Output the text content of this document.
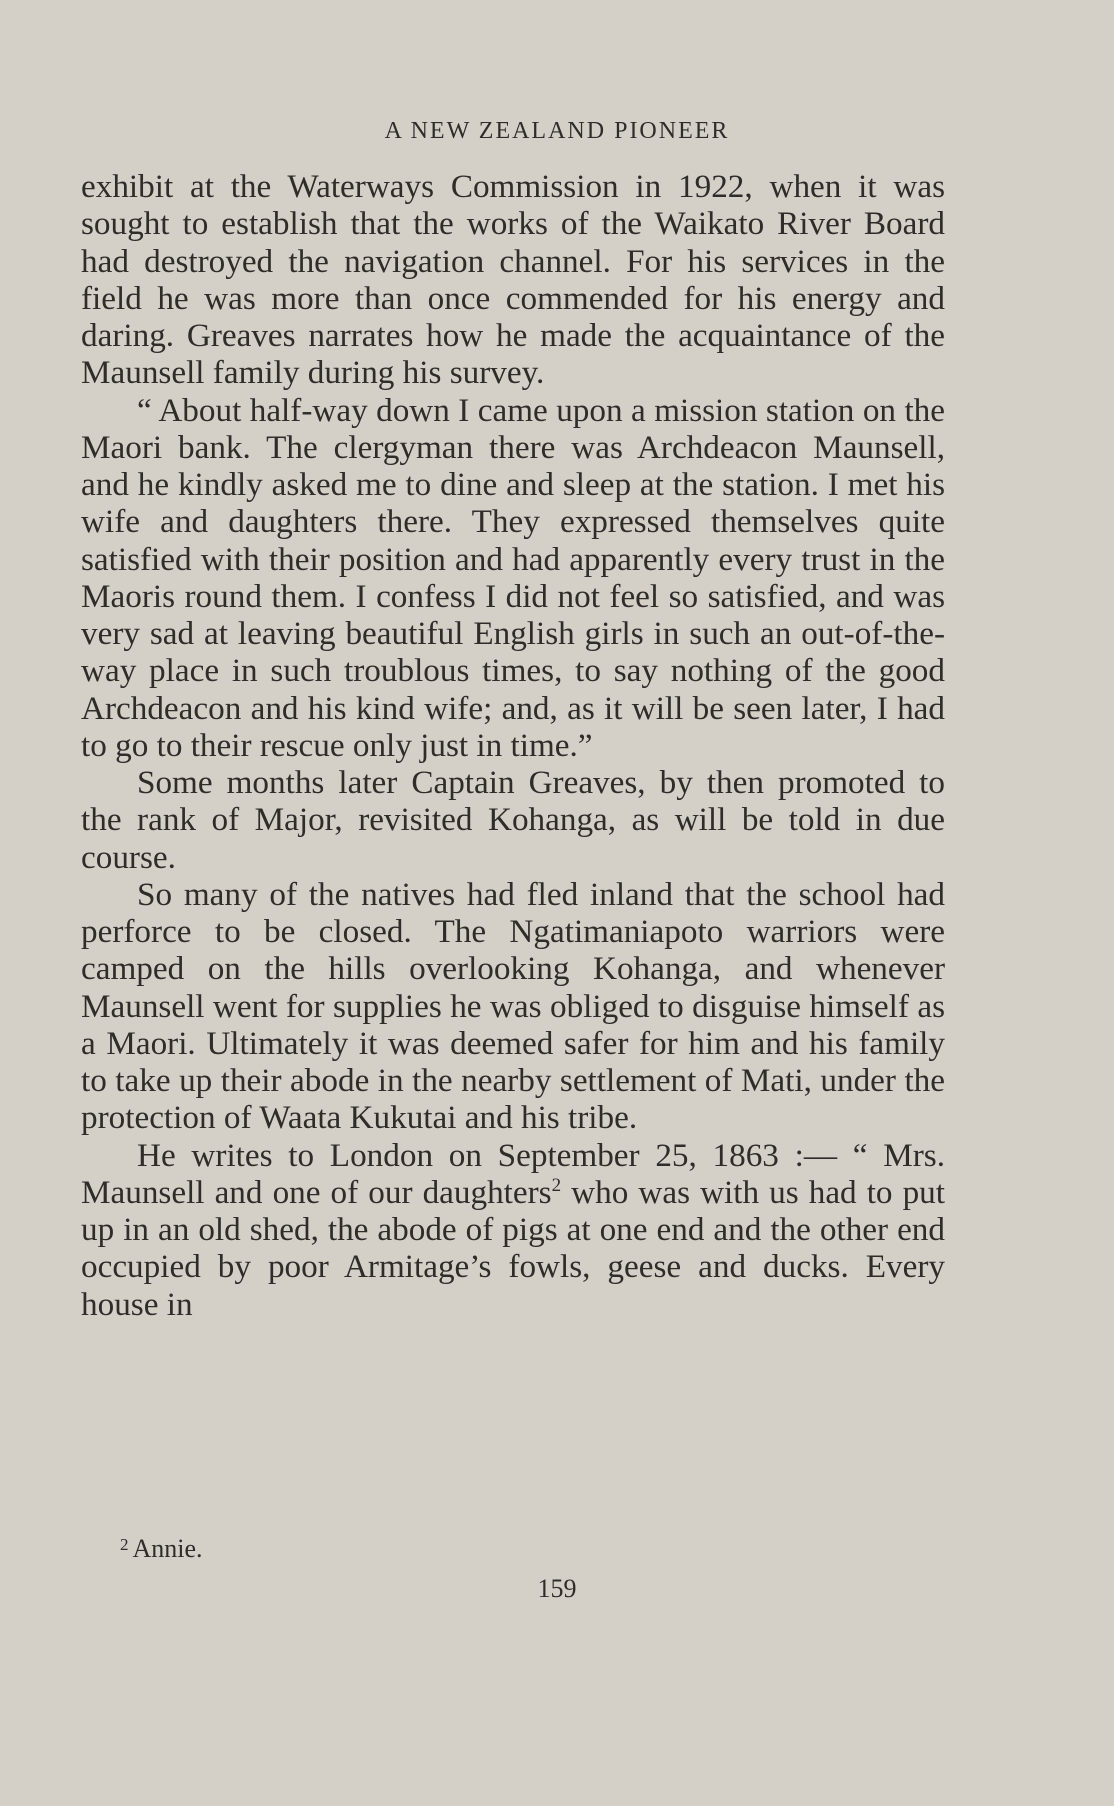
A NEW ZEALAND PIONEER

exhibit at the Waterways Commission in 1922, when it was sought to establish that the works of the Waikato River Board had destroyed the navigation channel. For his services in the field he was more than once commended for his energy and daring. Greaves narrates how he made the acquaintance of the Maunsell family during his survey.

“ About half-way down I came upon a mission station on the Maori bank. The clergyman there was Archdeacon Maunsell, and he kindly asked me to dine and sleep at the station. I met his wife and daughters there. They expressed themselves quite satisfied with their position and had apparently every trust in the Maoris round them. I confess I did not feel so satisfied, and was very sad at leaving beautiful English girls in such an out-of-the-way place in such troublous times, to say nothing of the good Archdeacon and his kind wife; and, as it will be seen later, I had to go to their rescue only just in time.”

Some months later Captain Greaves, by then promoted to the rank of Major, revisited Kohanga, as will be told in due course.

So many of the natives had fled inland that the school had perforce to be closed. The Ngatimaniapoto warriors were camped on the hills overlooking Kohanga, and whenever Maunsell went for supplies he was obliged to disguise himself as a Maori. Ultimately it was deemed safer for him and his family to take up their abode in the nearby settlement of Mati, under the protection of Waata Kukutai and his tribe.

He writes to London on September 25, 1863 :— “ Mrs. Maunsell and one of our daughters$^2$ who was with us had to put up in an old shed, the abode of pigs at one end and the other end occupied by poor Armitage’s fowls, geese and ducks. Every house in

$^2$ Annie.
159
